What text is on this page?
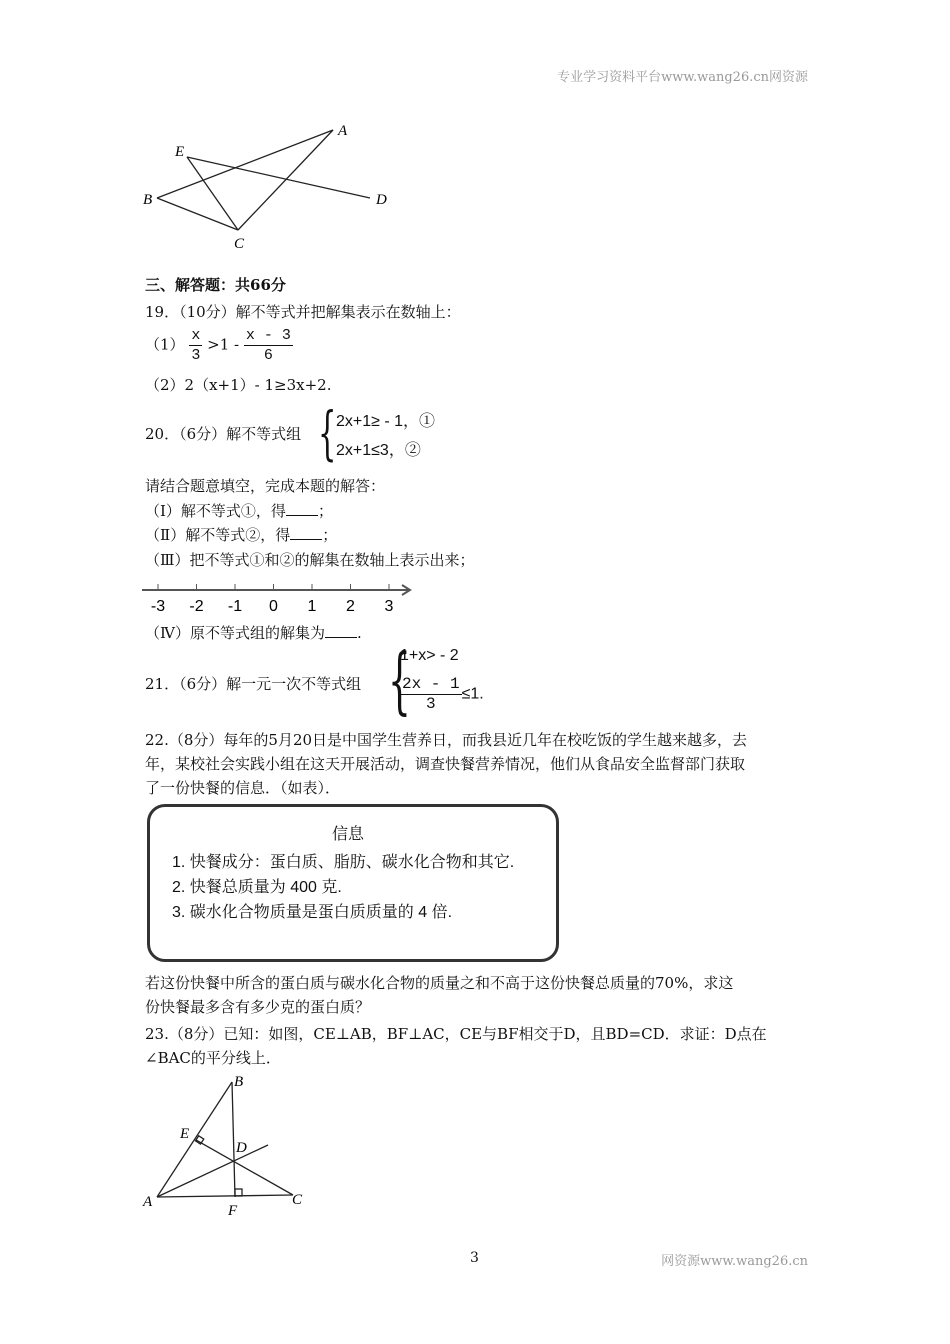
专业学习资料平台www.wang26.cn网资源
E
A
B	D
C
三、解答题：共66分
19．（10分）解不等式并把解集表示在数轴上：
$(1) \frac{x}{3} >1 - \frac{x - 3}{6}$
（2）2（x+1）- 1≥3x+2.
20．（6分）解不等式组 { 2x+1≥ - 1，①
2x+1≤3，②
请结合题意填空，完成本题的解答：
（Ⅰ）解不等式①，得 ；
（Ⅱ）解不等式②，得 ；
（Ⅲ）把不等式①和②的解集在数轴上表示出来；
-3 -2 -1 0 1 2 3
（Ⅳ）原不等式组的解集为 .
21．（6分）解一元一次不等式组 {
1+x> - 2
$\frac{2x - 1}{3} \le 1$.
22.（8分）每年的5月20日是中国学生营养日，而我县近几年在校吃饭的学生越来越多，去
年，某校社会实践小组在这天开展活动，调查快餐营养情况，他们从食品安全监督部门获取
了一份快餐的信息．（如表）．
信息
1. 快餐成分：蛋白质、脂肪、碳水化合物和其它.
2. 快餐总质量为 400 克.
3. 碳水化合物质量是蛋白质质量的 4 倍.
若这份快餐中所含的蛋白质与碳水化合物的质量之和不高于这份快餐总质量的70%，求这
份快餐最多含有多少克的蛋白质？
23.（8分）已知：如图，CE⊥AB，BF⊥AC，CE与BF相交于D，且BD=CD．求证：D点在
∠BAC的平分线上．
B
E
D
A
F
C
3	网资源www.wang26.cn
